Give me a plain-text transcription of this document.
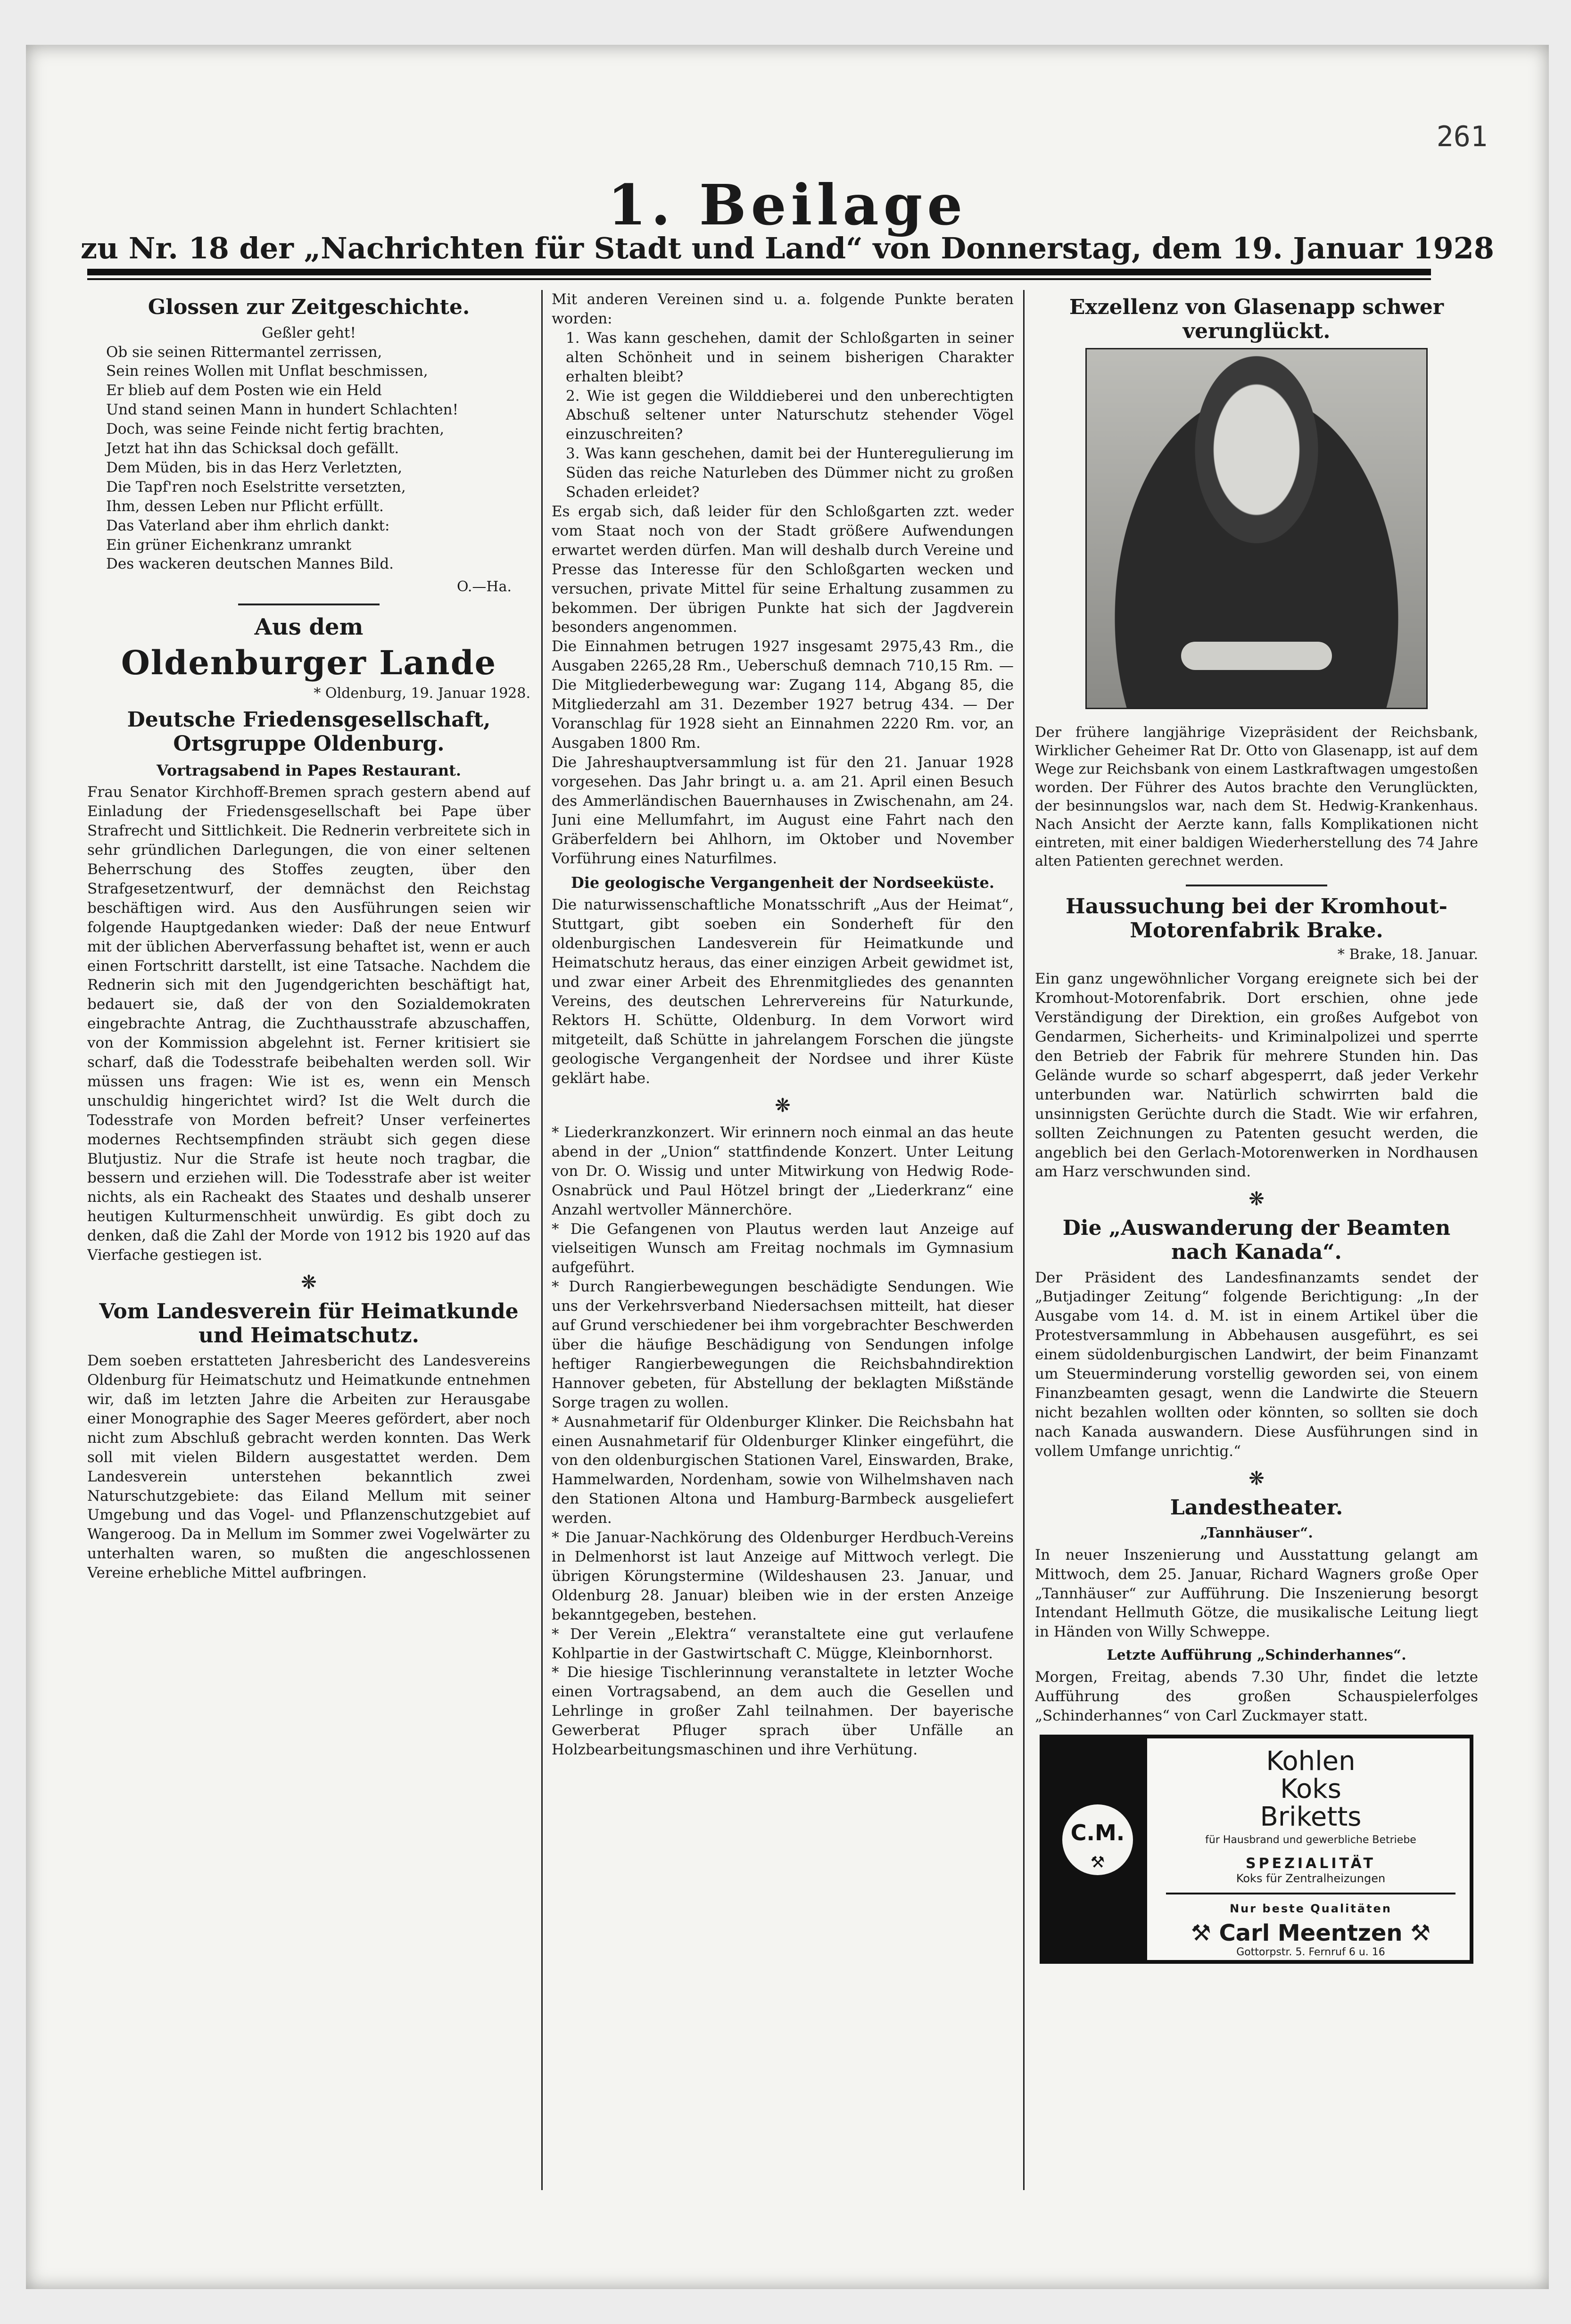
261
1. Beilage
zu Nr. 18 der „Nachrichten für Stadt und Land“ von Donnerstag, dem 19. Januar 1928
Glossen zur Zeitgeschichte.
Geßler geht!
Ob sie seinen Rittermantel zerrissen,
Sein reines Wollen mit Unflat beschmissen,
Er blieb auf dem Posten wie ein Held
Und stand seinen Mann in hundert Schlachten!
Doch, was seine Feinde nicht fertig brachten,
Jetzt hat ihn das Schicksal doch gefällt.
Dem Müden, bis in das Herz Verletzten,
Die Tapf'ren noch Eselstritte versetzten,
Ihm, dessen Leben nur Pflicht erfüllt.
Das Vaterland aber ihm ehrlich dankt:
Ein grüner Eichenkranz umrankt
Des wackeren deutschen Mannes Bild.
O.—Ha.
Aus dem
Oldenburger Lande
* Oldenburg, 19. Januar 1928.
Deutsche Friedensgesellschaft, Ortsgruppe Oldenburg.
Vortragsabend in Papes Restaurant.

Frau Senator Kirchhoff-Bremen sprach gestern abend auf Einladung der Friedensgesellschaft bei Pape über Strafrecht und Sittlichkeit. Die Rednerin verbreitete sich in sehr gründlichen Darlegungen, die von einer seltenen Beherrschung des Stoffes zeugten, über den Strafgesetzentwurf, der demnächst den Reichstag beschäftigen wird. Aus den Ausführungen seien wir folgende Hauptgedanken wieder: Daß der neue Entwurf mit der üblichen Aberverfassung behaftet ist, wenn er auch einen Fortschritt darstellt, ist eine Tatsache. Nachdem die Rednerin sich mit den Jugendgerichten beschäftigt hat, bedauert sie, daß der von den Sozialdemokraten eingebrachte Antrag, die Zuchthausstrafe abzuschaffen, von der Kommission abgelehnt ist. Ferner kritisiert sie scharf, daß die Todesstrafe beibehalten werden soll. Wir müssen uns fragen: Wie ist es, wenn ein Mensch unschuldig hingerichtet wird? Ist die Welt durch die Todesstrafe von Morden befreit? Unser verfeinertes modernes Rechtsempfinden sträubt sich gegen diese Blutjustiz. Nur die Strafe ist heute noch tragbar, die bessern und erziehen will. Die Todesstrafe aber ist weiter nichts, als ein Racheakt des Staates und deshalb unserer heutigen Kulturmenschheit unwürdig. Es gibt doch zu denken, daß die Zahl der Morde von 1912 bis 1920 auf das Vierfache gestiegen ist.

❋
Vom Landesverein für Heimatkunde und Heimatschutz.

Dem soeben erstatteten Jahresbericht des Landesvereins Oldenburg für Heimatschutz und Heimatkunde entnehmen wir, daß im letzten Jahre die Arbeiten zur Herausgabe einer Monographie des Sager Meeres gefördert, aber noch nicht zum Abschluß gebracht werden konnten. Das Werk soll mit vielen Bildern ausgestattet werden. Dem Landesverein unterstehen bekanntlich zwei Naturschutzgebiete: das Eiland Mellum mit seiner Umgebung und das Vogel- und Pflanzenschutzgebiet auf Wangeroog. Da in Mellum im Sommer zwei Vogelwärter zu unterhalten waren, so mußten die angeschlossenen Vereine erhebliche Mittel aufbringen.

Mit anderen Vereinen sind u. a. folgende Punkte beraten worden:

1. Was kann geschehen, damit der Schloßgarten in seiner alten Schönheit und in seinem bisherigen Charakter erhalten bleibt?

2. Wie ist gegen die Wilddieberei und den unberechtigten Abschuß seltener unter Naturschutz stehender Vögel einzuschreiten?

3. Was kann geschehen, damit bei der Hunteregulierung im Süden das reiche Naturleben des Dümmer nicht zu großen Schaden erleidet?

Es ergab sich, daß leider für den Schloßgarten zzt. weder vom Staat noch von der Stadt größere Aufwendungen erwartet werden dürfen. Man will deshalb durch Vereine und Presse das Interesse für den Schloßgarten wecken und versuchen, private Mittel für seine Erhaltung zusammen zu bekommen. Der übrigen Punkte hat sich der Jagdverein besonders angenommen.

Die Einnahmen betrugen 1927 insgesamt 2975,43 Rm., die Ausgaben 2265,28 Rm., Ueberschuß demnach 710,15 Rm. — Die Mitgliederbewegung war: Zugang 114, Abgang 85, die Mitgliederzahl am 31. Dezember 1927 betrug 434. — Der Voranschlag für 1928 sieht an Einnahmen 2220 Rm. vor, an Ausgaben 1800 Rm.

Die Jahreshauptversammlung ist für den 21. Januar 1928 vorgesehen. Das Jahr bringt u. a. am 21. April einen Besuch des Ammerländischen Bauernhauses in Zwischenahn, am 24. Juni eine Mellumfahrt, im August eine Fahrt nach den Gräberfeldern bei Ahlhorn, im Oktober und November Vorführung eines Naturfilmes.

Die geologische Vergangenheit der Nordseeküste.

Die naturwissenschaftliche Monatsschrift „Aus der Heimat“, Stuttgart, gibt soeben ein Sonderheft für den oldenburgischen Landesverein für Heimatkunde und Heimatschutz heraus, das einer einzigen Arbeit gewidmet ist, und zwar einer Arbeit des Ehrenmitgliedes des genannten Vereins, des deutschen Lehrervereins für Naturkunde, Rektors H. Schütte, Oldenburg. In dem Vorwort wird mitgeteilt, daß Schütte in jahrelangem Forschen die jüngste geologische Vergangenheit der Nordsee und ihrer Küste geklärt habe.

❋

* Liederkranzkonzert. Wir erinnern noch einmal an das heute abend in der „Union“ stattfindende Konzert. Unter Leitung von Dr. O. Wissig und unter Mitwirkung von Hedwig Rode-Osnabrück und Paul Hötzel bringt der „Liederkranz“ eine Anzahl wertvoller Männerchöre.

* Die Gefangenen von Plautus werden laut Anzeige auf vielseitigen Wunsch am Freitag nochmals im Gymnasium aufgeführt.

* Durch Rangierbewegungen beschädigte Sendungen. Wie uns der Verkehrsverband Niedersachsen mitteilt, hat dieser auf Grund verschiedener bei ihm vorgebrachter Beschwerden über die häufige Beschädigung von Sendungen infolge heftiger Rangierbewegungen die Reichsbahndirektion Hannover gebeten, für Abstellung der beklagten Mißstände Sorge tragen zu wollen.

* Ausnahmetarif für Oldenburger Klinker. Die Reichsbahn hat einen Ausnahmetarif für Oldenburger Klinker eingeführt, die von den oldenburgischen Stationen Varel, Einswarden, Brake, Hammelwarden, Nordenham, sowie von Wilhelmshaven nach den Stationen Altona und Hamburg-Barmbeck ausgeliefert werden.

* Die Januar-Nachkörung des Oldenburger Herdbuch-Vereins in Delmenhorst ist laut Anzeige auf Mittwoch verlegt. Die übrigen Körungstermine (Wildeshausen 23. Januar, und Oldenburg 28. Januar) bleiben wie in der ersten Anzeige bekanntgegeben, bestehen.

* Der Verein „Elektra“ veranstaltete eine gut verlaufene Kohlpartie in der Gastwirtschaft C. Mügge, Kleinbornhorst.

* Die hiesige Tischlerinnung veranstaltete in letzter Woche einen Vortragsabend, an dem auch die Gesellen und Lehrlinge in großer Zahl teilnahmen. Der bayerische Gewerberat Pfluger sprach über Unfälle an Holzbearbeitungsmaschinen und ihre Verhütung.

Exzellenz von Glasenapp schwer verunglückt.

Der frühere langjährige Vizepräsident der Reichsbank, Wirklicher Geheimer Rat Dr. Otto von Glasenapp, ist auf dem Wege zur Reichsbank von einem Lastkraftwagen umgestoßen worden. Der Führer des Autos brachte den Verunglückten, der besinnungslos war, nach dem St. Hedwig-Krankenhaus. Nach Ansicht der Aerzte kann, falls Komplikationen nicht eintreten, mit einer baldigen Wiederherstellung des 74 Jahre alten Patienten gerechnet werden.

Haussuchung bei der Kromhout-Motorenfabrik Brake.
* Brake, 18. Januar.

Ein ganz ungewöhnlicher Vorgang ereignete sich bei der Kromhout-Motorenfabrik. Dort erschien, ohne jede Verständigung der Direktion, ein großes Aufgebot von Gendarmen, Sicherheits- und Kriminalpolizei und sperrte den Betrieb der Fabrik für mehrere Stunden hin. Das Gelände wurde so scharf abgesperrt, daß jeder Verkehr unterbunden war. Natürlich schwirrten bald die unsinnigsten Gerüchte durch die Stadt. Wie wir erfahren, sollten Zeichnungen zu Patenten gesucht werden, die angeblich bei den Gerlach-Motorenwerken in Nordhausen am Harz verschwunden sind.

❋
Die „Auswanderung der Beamten nach Kanada“.

Der Präsident des Landesfinanzamts sendet der „Butjadinger Zeitung“ folgende Berichtigung: „In der Ausgabe vom 14. d. M. ist in einem Artikel über die Protestversammlung in Abbehausen ausgeführt, es sei einem südoldenburgischen Landwirt, der beim Finanzamt um Steuerminderung vorstellig geworden sei, von einem Finanzbeamten gesagt, wenn die Landwirte die Steuern nicht bezahlen wollten oder könnten, so sollten sie doch nach Kanada auswandern. Diese Ausführungen sind in vollem Umfange unrichtig.“

❋
Landestheater.
„Tannhäuser“.

In neuer Inszenierung und Ausstattung gelangt am Mittwoch, dem 25. Januar, Richard Wagners große Oper „Tannhäuser“ zur Aufführung. Die Inszenierung besorgt Intendant Hellmuth Götze, die musikalische Leitung liegt in Händen von Willy Schweppe.

Letzte Aufführung „Schinderhannes“.

Morgen, Freitag, abends 7.30 Uhr, findet die letzte Aufführung des großen Schauspielerfolges „Schinderhannes“ von Carl Zuckmayer statt.

C.M.
⚒
Kohlen
Koks
Briketts
für Hausbrand und gewerbliche Betriebe
SPEZIALITÄT
Koks für Zentralheizungen
Nur beste Qualitäten
⚒ Carl Meentzen ⚒
Gottorpstr. 5. Fernruf 6 u. 16
